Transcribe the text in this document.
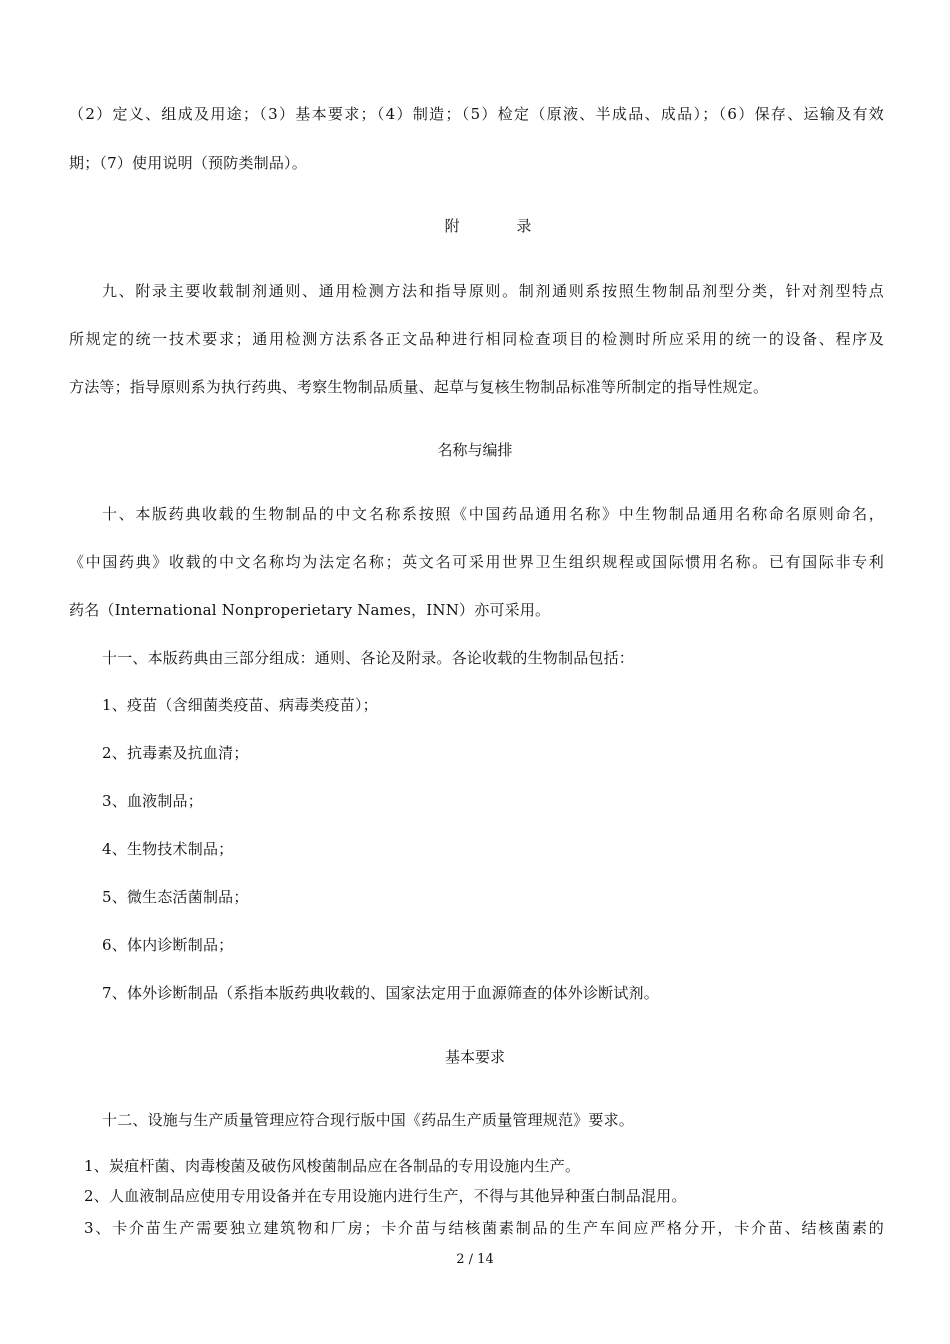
（2）定义、组成及用途；（3）基本要求；（4）制造；（5）检定（原液、半成品、成品）；（6）保存、运输及有效
期；（7）使用说明（预防类制品）。
附 录
九、附录主要收载制剂通则、通用检测方法和指导原则。制剂通则系按照生物制品剂型分类，针对剂型特点
所规定的统一技术要求；通用检测方法系各正文品种进行相同检查项目的检测时所应采用的统一的设备、程序及
方法等；指导原则系为执行药典、考察生物制品质量、起草与复核生物制品标准等所制定的指导性规定。
名称与编排
十、本版药典收载的生物制品的中文名称系按照《中国药品通用名称》中生物制品通用名称命名原则命名，
《中国药典》收载的中文名称均为法定名称；英文名可采用世界卫生组织规程或国际惯用名称。已有国际非专利
药名（International Nonproperietary Names，INN）亦可采用。
十一、本版药典由三部分组成：通则、各论及附录。各论收载的生物制品包括：
1、疫苗（含细菌类疫苗、病毒类疫苗）；
2、抗毒素及抗血清；
3、血液制品；
4、生物技术制品；
5、微生态活菌制品；
6、体内诊断制品；
7、体外诊断制品（系指本版药典收载的、国家法定用于血源筛查的体外诊断试剂。
基本要求
十二、设施与生产质量管理应符合现行版中国《药品生产质量管理规范》要求。
1、炭疽杆菌、肉毒梭菌及破伤风梭菌制品应在各制品的专用设施内生产。
2、人血液制品应使用专用设备并在专用设施内进行生产，不得与其他异种蛋白制品混用。
3、卡介苗生产需要独立建筑物和厂房；卡介苗与结核菌素制品的生产车间应严格分开，卡介苗、结核菌素的
2 / 14
